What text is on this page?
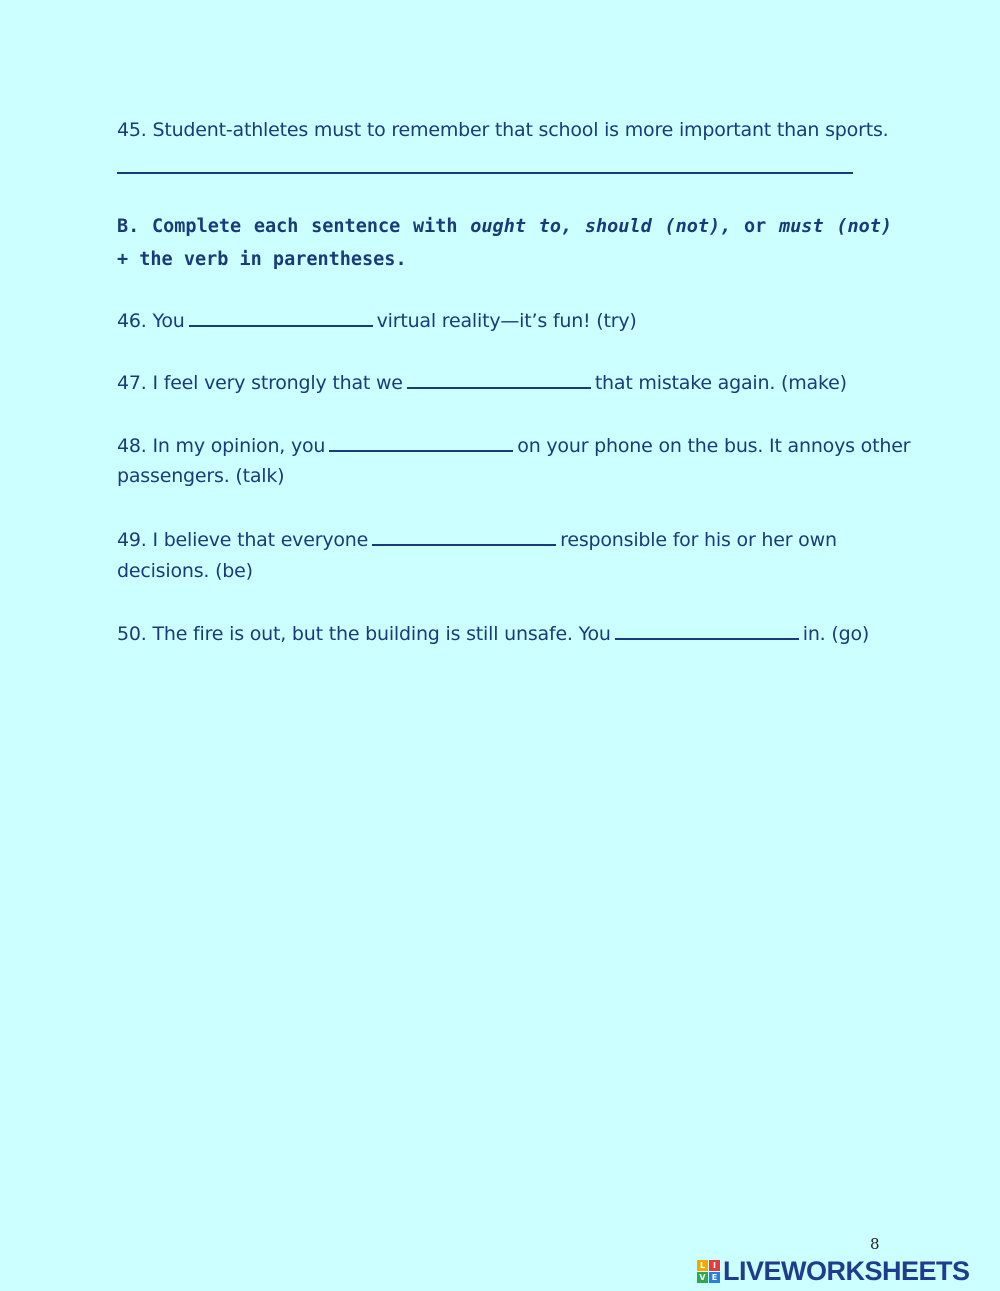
45. Student-athletes must to remember that school is more important than sports.
B. Complete each sentence with ought to, should (not), or must (not) + the verb in parentheses.
46. You	virtual reality—it’s fun! (try)
47. I feel very strongly that we	that mistake again. (make)
48. In my opinion, you	on your phone on the bus. It annoys other
passengers. (talk)
49. I believe that everyone	responsible for his or her own
decisions. (be)
50. The fire is out, but the building is still unsafe. You	in. (go)
8
L I
V E LIVEWORKSHEETS
